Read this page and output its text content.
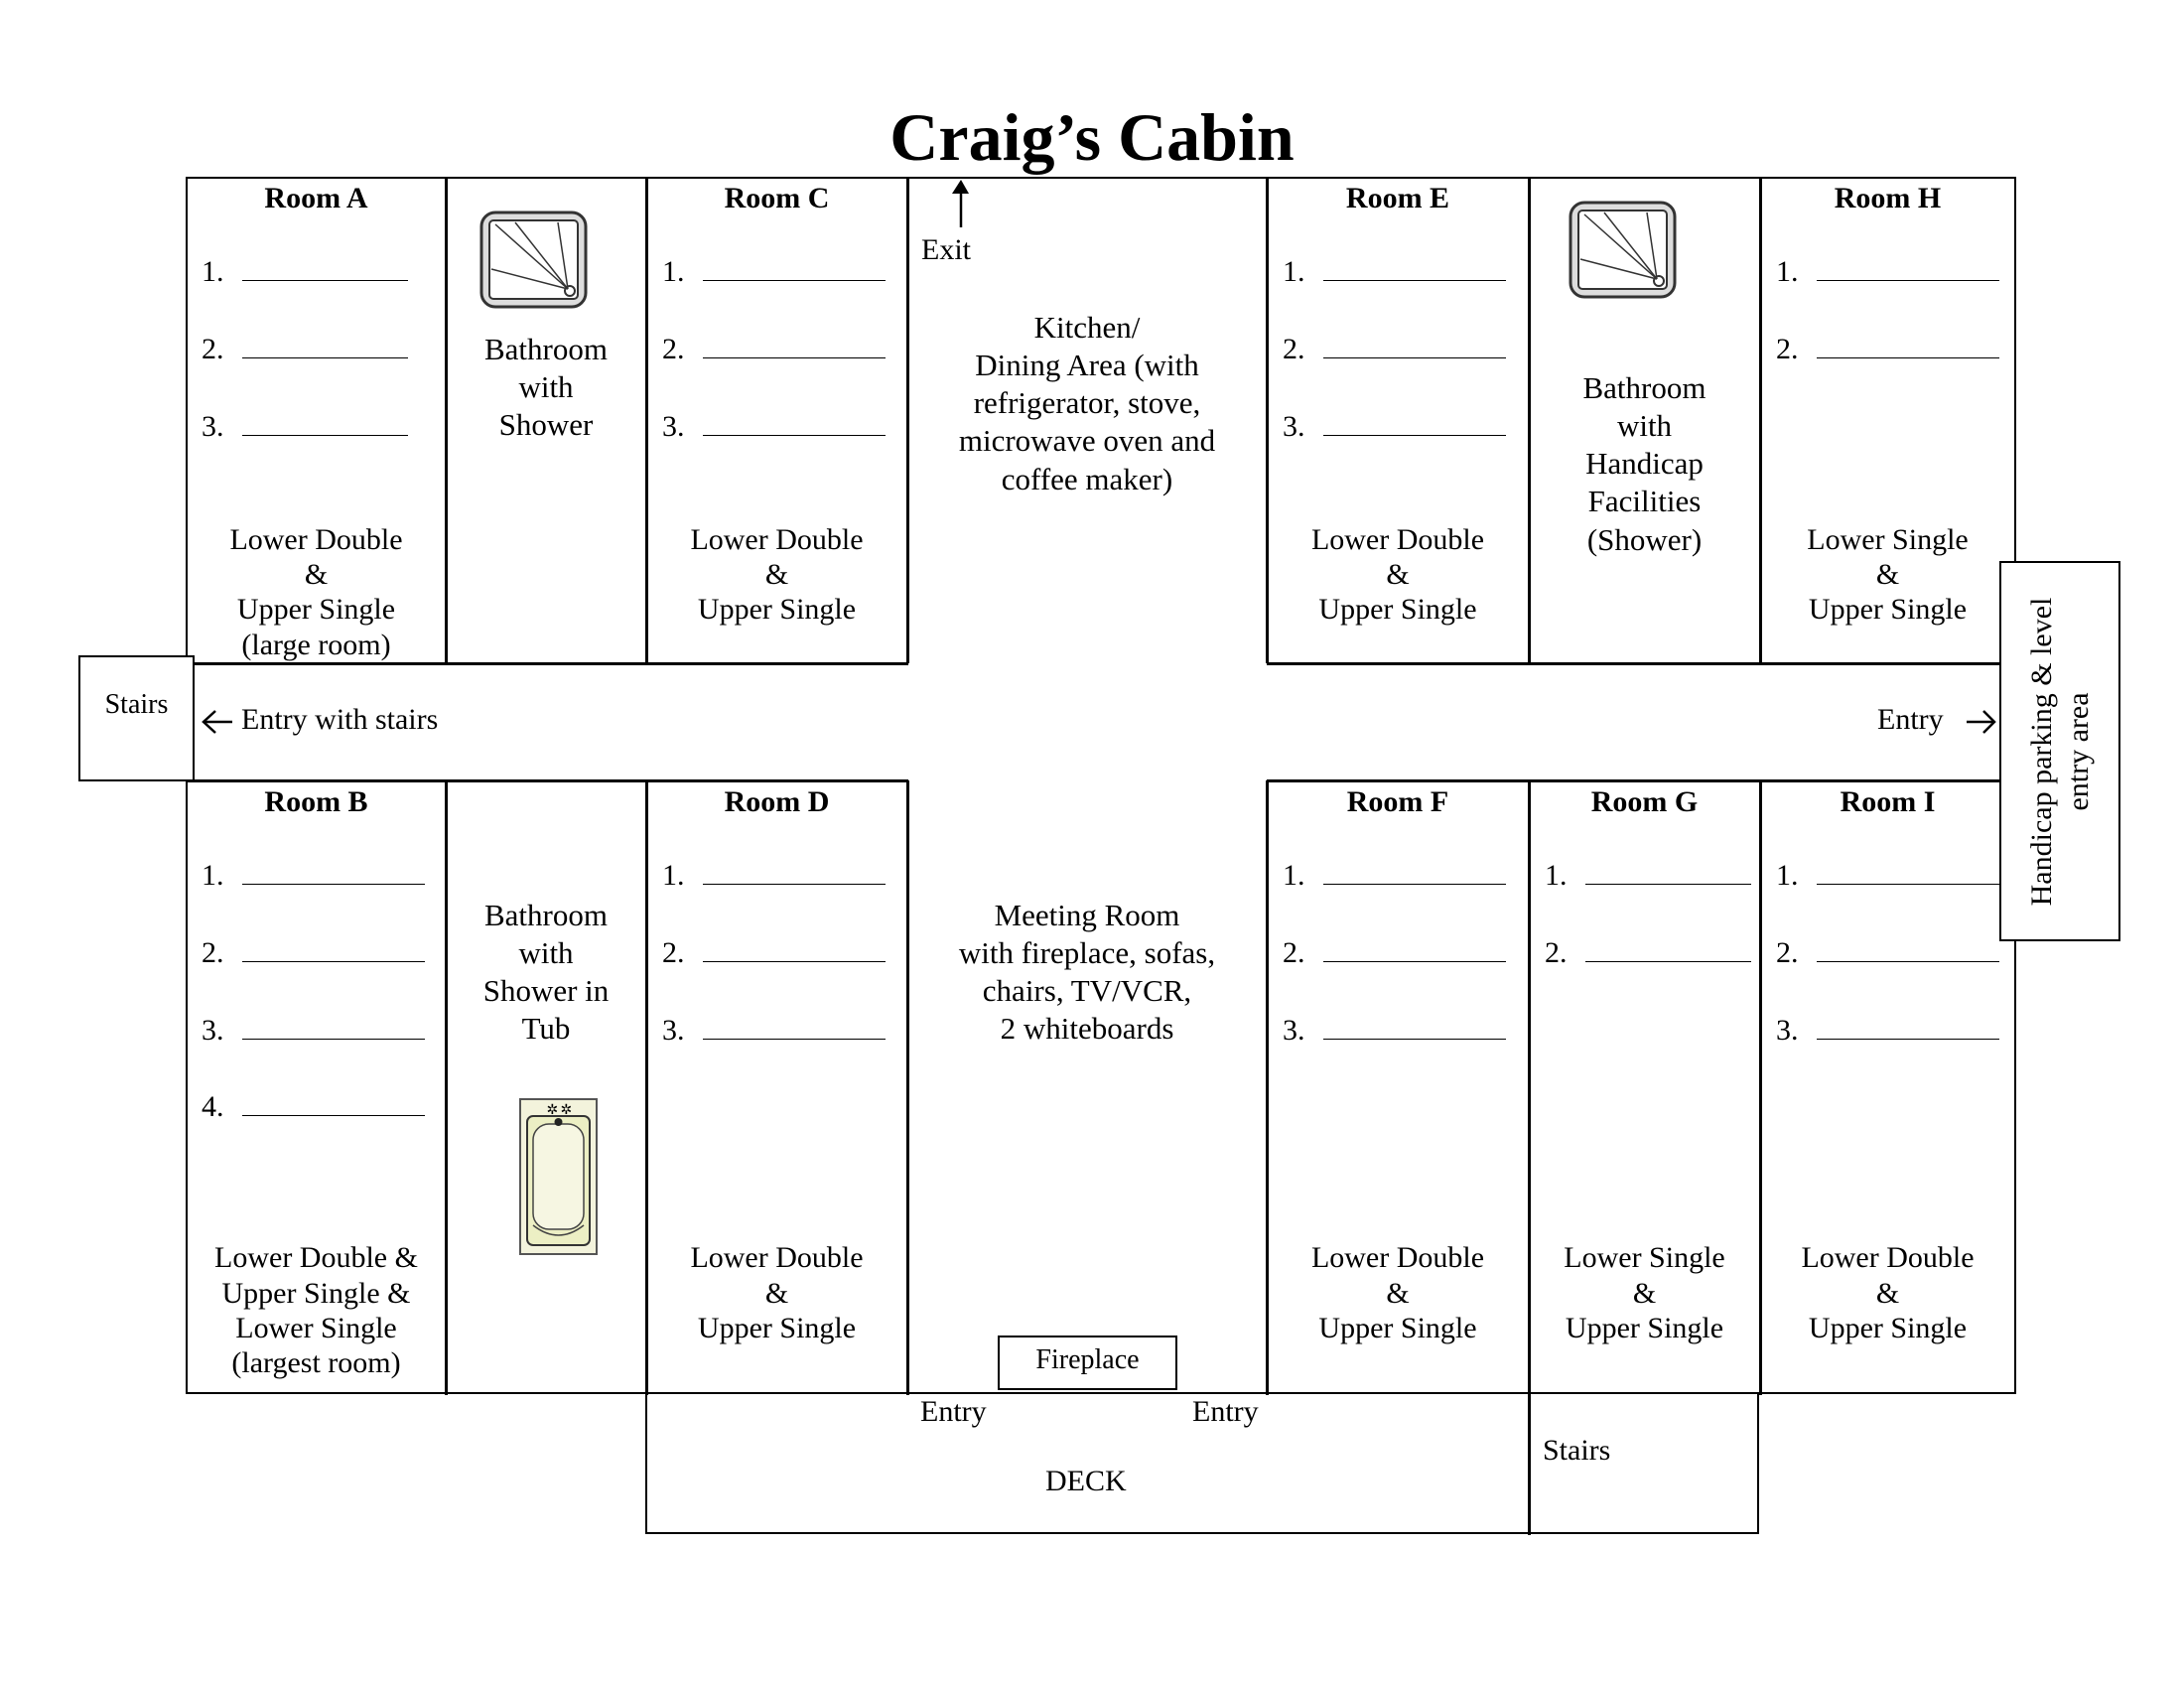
Craig’s Cabin
Room A
1.
2.
3.
Lower Double
&
Upper Single
(large room)
Room C
1.
2.
3.
Lower Double
&
Upper Single
Room E
1.
2.
3.
Lower Double
&
Upper Single
Room H
1.
2.
Lower Single
&
Upper Single
Room B
1.
2.
3.
4.
Lower Double &
Upper Single &
Lower Single
(largest room)
Room D
1.
2.
3.
Lower Double
&
Upper Single
Room F
1.
2.
3.
Lower Double
&
Upper Single
Room G
1.
2.
Lower Single
&
Upper Single
Room I
1.
2.
3.
Lower Double
&
Upper Single
Bathroom
with
Shower
Bathroom
with
Handicap
Facilities
(Shower)
Bathroom
with
Shower in
Tub
Kitchen/
Dining Area (with
refrigerator, stove,
microwave oven and
coffee maker)
Meeting Room
with fireplace, sofas,
chairs, TV/VCR,
2 whiteboards
Exit
Entry with stairs	Entry
Entry	Entry
DECK
Stairs
Stairs	Handicap parking & level entry area
Fireplace
✲ ✲
